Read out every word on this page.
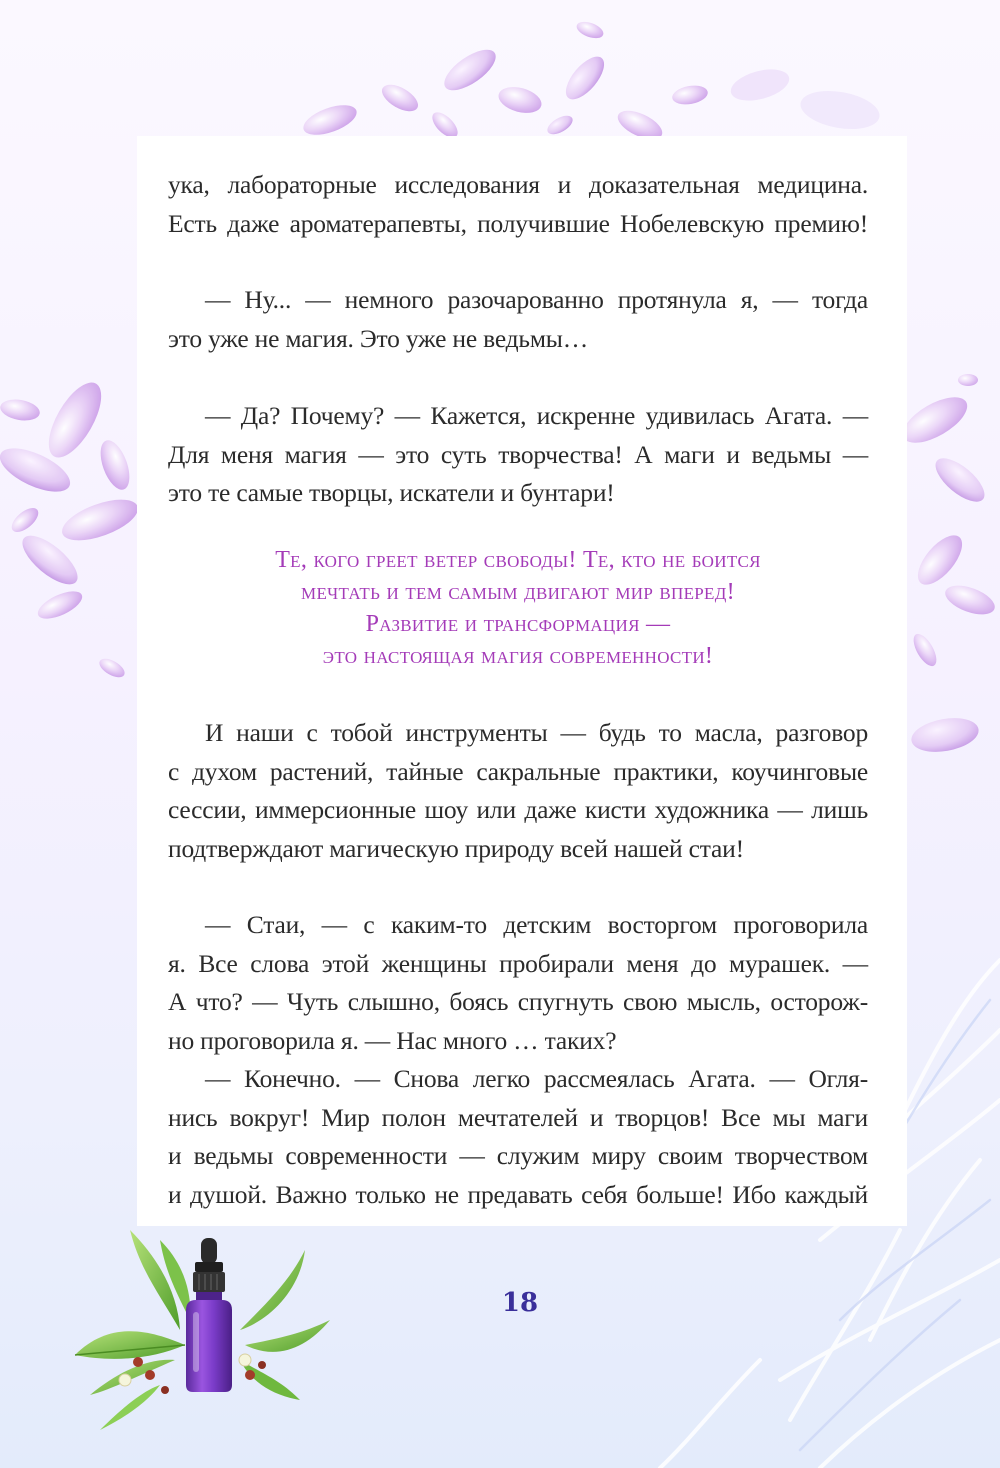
ука, лабораторные исследования и доказательная медицина.
Есть даже ароматерапевты, получившие Нобелевскую премию!

— Ну... — немного разочарованно протянула я, — тогда
это уже не магия. Это уже не ведьмы…

— Да? Почему? — Кажется, искренне удивилась Агата. —
Для меня магия — это суть творчества! А маги и ведьмы —
это те самые творцы, искатели и бунтари!

Те, кого греет ветер свободы! Те, кто не боится
мечтать и тем самым двигают мир вперед!
Развитие и трансформация —
это настоящая магия современности!

И наши с тобой инструменты — будь то масла, разговор
с духом растений, тайные сакральные практики, коучинговые
сессии, иммерсионные шоу или даже кисти художника — лишь
подтверждают магическую природу всей нашей стаи!

— Стаи, — с каким-то детским восторгом проговорила
я. Все слова этой женщины пробирали меня до мурашек. —
А что? — Чуть слышно, боясь спугнуть свою мысль, осторож-
но проговорила я. — Нас много … таких?
— Конечно. — Снова легко рассмеялась Агата. — Огля-
нись вокруг! Мир полон мечтателей и творцов! Все мы маги
и ведьмы современности — служим миру своим творчеством
и душой. Важно только не предавать себя больше! Ибо каждый

18
